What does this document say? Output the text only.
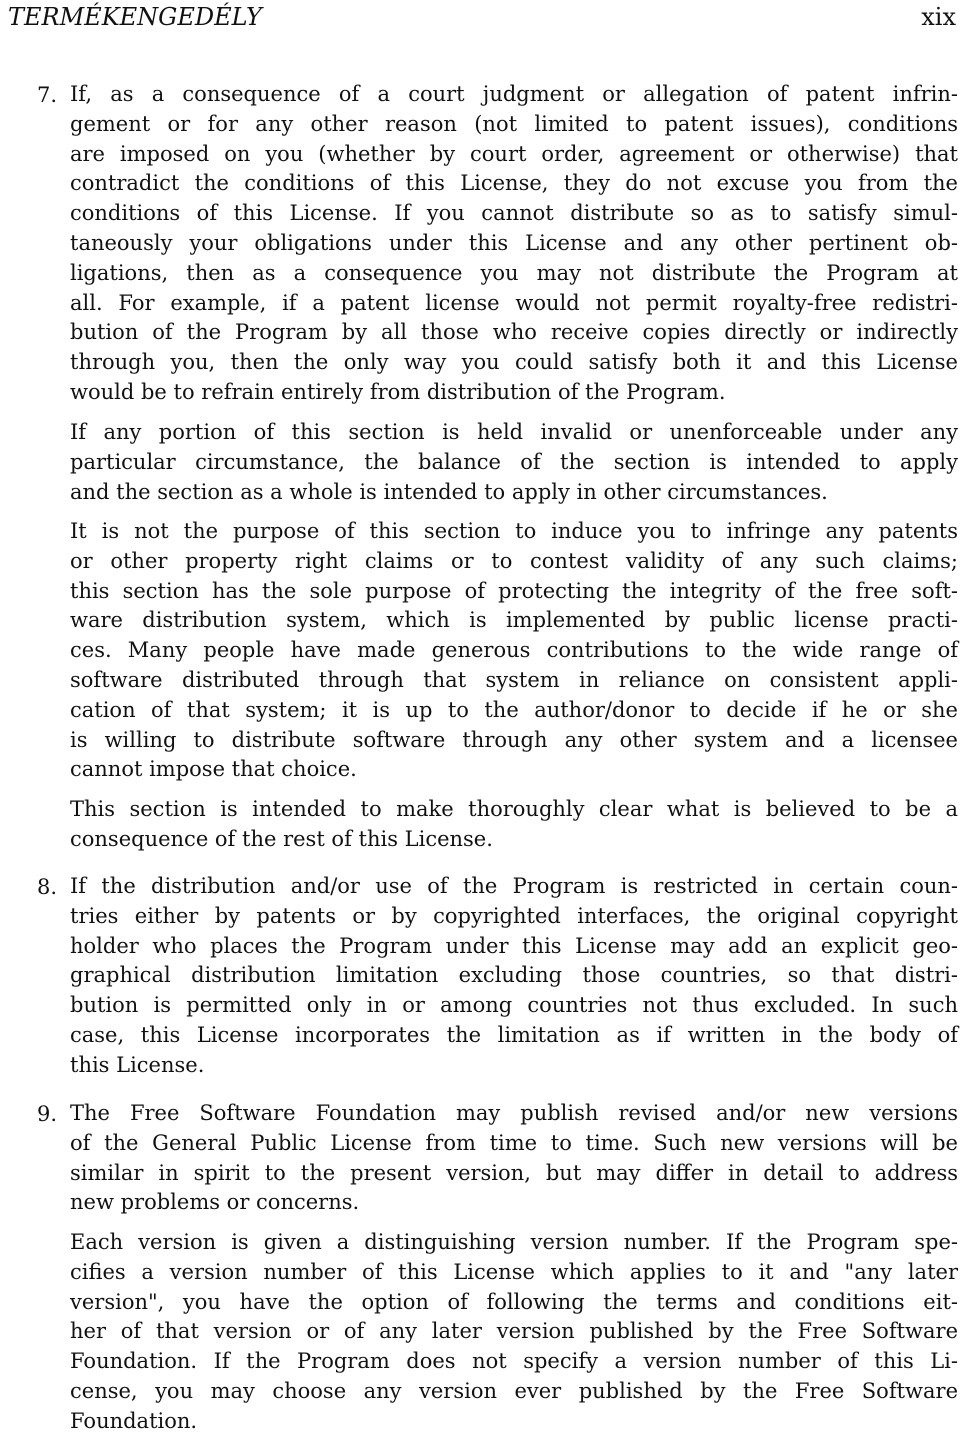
TERMÉKENGEDÉLY	xix
7. If, as a consequence of a court judgment or allegation of patent infrin-
gement or for any other reason (not limited to patent issues), conditions
are imposed on you (whether by court order, agreement or otherwise) that
contradict the conditions of this License, they do not excuse you from the
conditions of this License. If you cannot distribute so as to satisfy simul-
taneously your obligations under this License and any other pertinent ob-
ligations, then as a consequence you may not distribute the Program at
all. For example, if a patent license would not permit royalty-free redistri-
bution of the Program by all those who receive copies directly or indirectly
through you, then the only way you could satisfy both it and this License
would be to refrain entirely from distribution of the Program.
If any portion of this section is held invalid or unenforceable under any
particular circumstance, the balance of the section is intended to apply
and the section as a whole is intended to apply in other circumstances.
It is not the purpose of this section to induce you to infringe any patents
or other property right claims or to contest validity of any such claims;
this section has the sole purpose of protecting the integrity of the free soft-
ware distribution system, which is implemented by public license practi-
ces. Many people have made generous contributions to the wide range of
software distributed through that system in reliance on consistent appli-
cation of that system; it is up to the author/donor to decide if he or she
is willing to distribute software through any other system and a licensee
cannot impose that choice.
This section is intended to make thoroughly clear what is believed to be a
consequence of the rest of this License.
8. If the distribution and/or use of the Program is restricted in certain coun-
tries either by patents or by copyrighted interfaces, the original copyright
holder who places the Program under this License may add an explicit geo-
graphical distribution limitation excluding those countries, so that distri-
bution is permitted only in or among countries not thus excluded. In such
case, this License incorporates the limitation as if written in the body of
this License.
9. The Free Software Foundation may publish revised and/or new versions
of the General Public License from time to time. Such new versions will be
similar in spirit to the present version, but may differ in detail to address
new problems or concerns.
Each version is given a distinguishing version number. If the Program spe-
cifies a version number of this License which applies to it and "any later
version", you have the option of following the terms and conditions eit-
her of that version or of any later version published by the Free Software
Foundation. If the Program does not specify a version number of this Li-
cense, you may choose any version ever published by the Free Software
Foundation.
